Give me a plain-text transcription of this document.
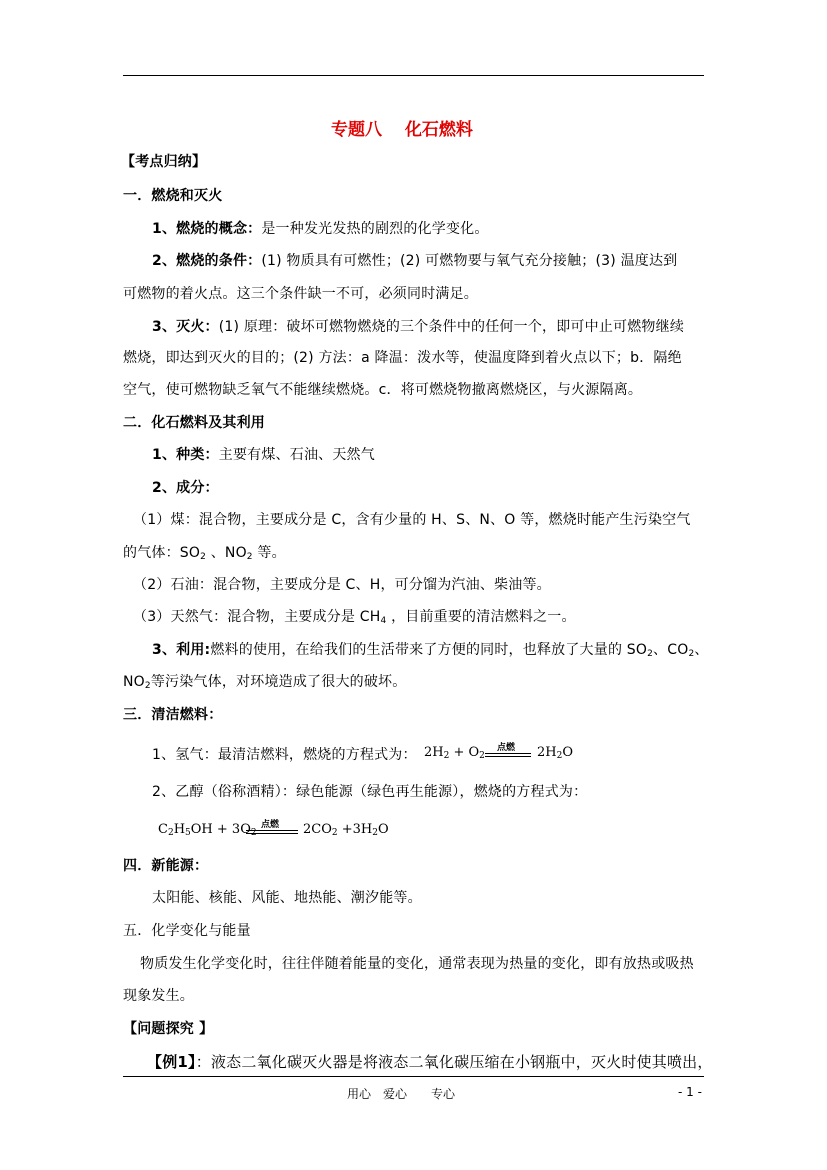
专题八　 化石燃料
【考点归纳】
一．燃烧和灭火
1、燃烧的概念：是一种发光发热的剧烈的化学变化。
2、燃烧的条件：(1) 物质具有可燃性；(2) 可燃物要与氧气充分接触；(3) 温度达到
可燃物的着火点。这三个条件缺一不可，必须同时满足。
3、灭火：(1) 原理：破坏可燃物燃烧的三个条件中的任何一个，即可中止可燃物继续
燃烧，即达到灭火的目的；(2) 方法：a 降温：泼水等，使温度降到着火点以下；b．隔绝
空气，使可燃物缺乏氧气不能继续燃烧。c．将可燃烧物撤离燃烧区，与火源隔离。
二．化石燃料及其利用
1、种类：主要有煤、石油、天然气
2、成分：
（1）煤：混合物，主要成分是 C，含有少量的 H、S、N、O 等，燃烧时能产生污染空气
的气体：$SO_2$ 、$NO_2$ 等。
（2）石油：混合物，主要成分是 C、H，可分馏为汽油、柴油等。
（3）天然气：混合物，主要成分是 $CH_4$ ，目前重要的清洁燃料之一。
3、利用:燃料的使用，在给我们的生活带来了方便的同时，也释放了大量的 $SO_2$、$CO_2$、
$NO_2$等污染气体，对环境造成了很大的破坏。
三．清洁燃料：
1、氢气：最清洁燃料，燃烧的方程式为： $2H_2 + O_2$
点燃 $2H_2O$
2、乙醇（俗称酒精）：绿色能源（绿色再生能源），燃烧的方程式为：
$C_2H_5OH + 3O_2$
点燃 $2CO_2 +3H_2O$
四．新能源：
太阳能、核能、风能、地热能、潮汐能等。
五．化学变化与能量
物质发生化学变化时，往往伴随着能量的变化，通常表现为热量的变化，即有放热或吸热
现象发生。
【问题探究 】
【例1】：液态二氧化碳灭火器是将液态二氧化碳压缩在小钢瓶中，灭火时使其喷出，
用心　爱心　　专心	- 1 -
